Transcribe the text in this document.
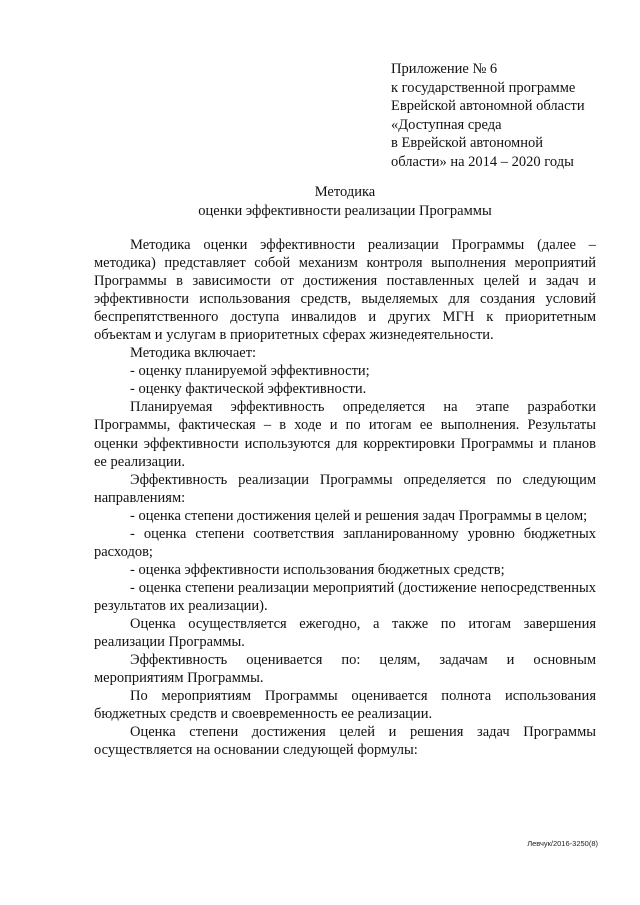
Приложение № 6
к государственной программе
Еврейской автономной области
«Доступная среда
в Еврейской автономной
области» на 2014 – 2020 годы
Методика
оценки эффективности реализации Программы

Методика оценки эффективности реализации Программы (далее – методика) представляет собой механизм контроля выполнения мероприятий Программы в зависимости от достижения поставленных целей и задач и эффективности использования средств, выделяемых для создания условий беспрепятственного доступа инвалидов и других МГН к приоритетным объектам и услугам в приоритетных сферах жизнедеятельности.

Методика включает:

- оценку планируемой эффективности;

- оценку фактической эффективности.

Планируемая эффективность определяется на этапе разработки Программы, фактическая – в ходе и по итогам ее выполнения. Результаты оценки эффективности используются для корректировки Программы и планов ее реализации.

Эффективность реализации Программы определяется по следующим направлениям:

- оценка степени достижения целей и решения задач Программы в целом;

- оценка степени соответствия запланированному уровню бюджетных расходов;

- оценка эффективности использования бюджетных средств;

- оценка степени реализации мероприятий (достижение непосредственных результатов их реализации).

Оценка осуществляется ежегодно, а также по итогам завершения реализации Программы.

Эффективность оценивается по: целям, задачам и основным мероприятиям Программы.

По мероприятиям Программы оценивается полнота использования бюджетных средств и своевременность ее реализации.

Оценка степени достижения целей и решения задач Программы осуществляется на основании следующей формулы:

Левчук/2016-3250(8)
